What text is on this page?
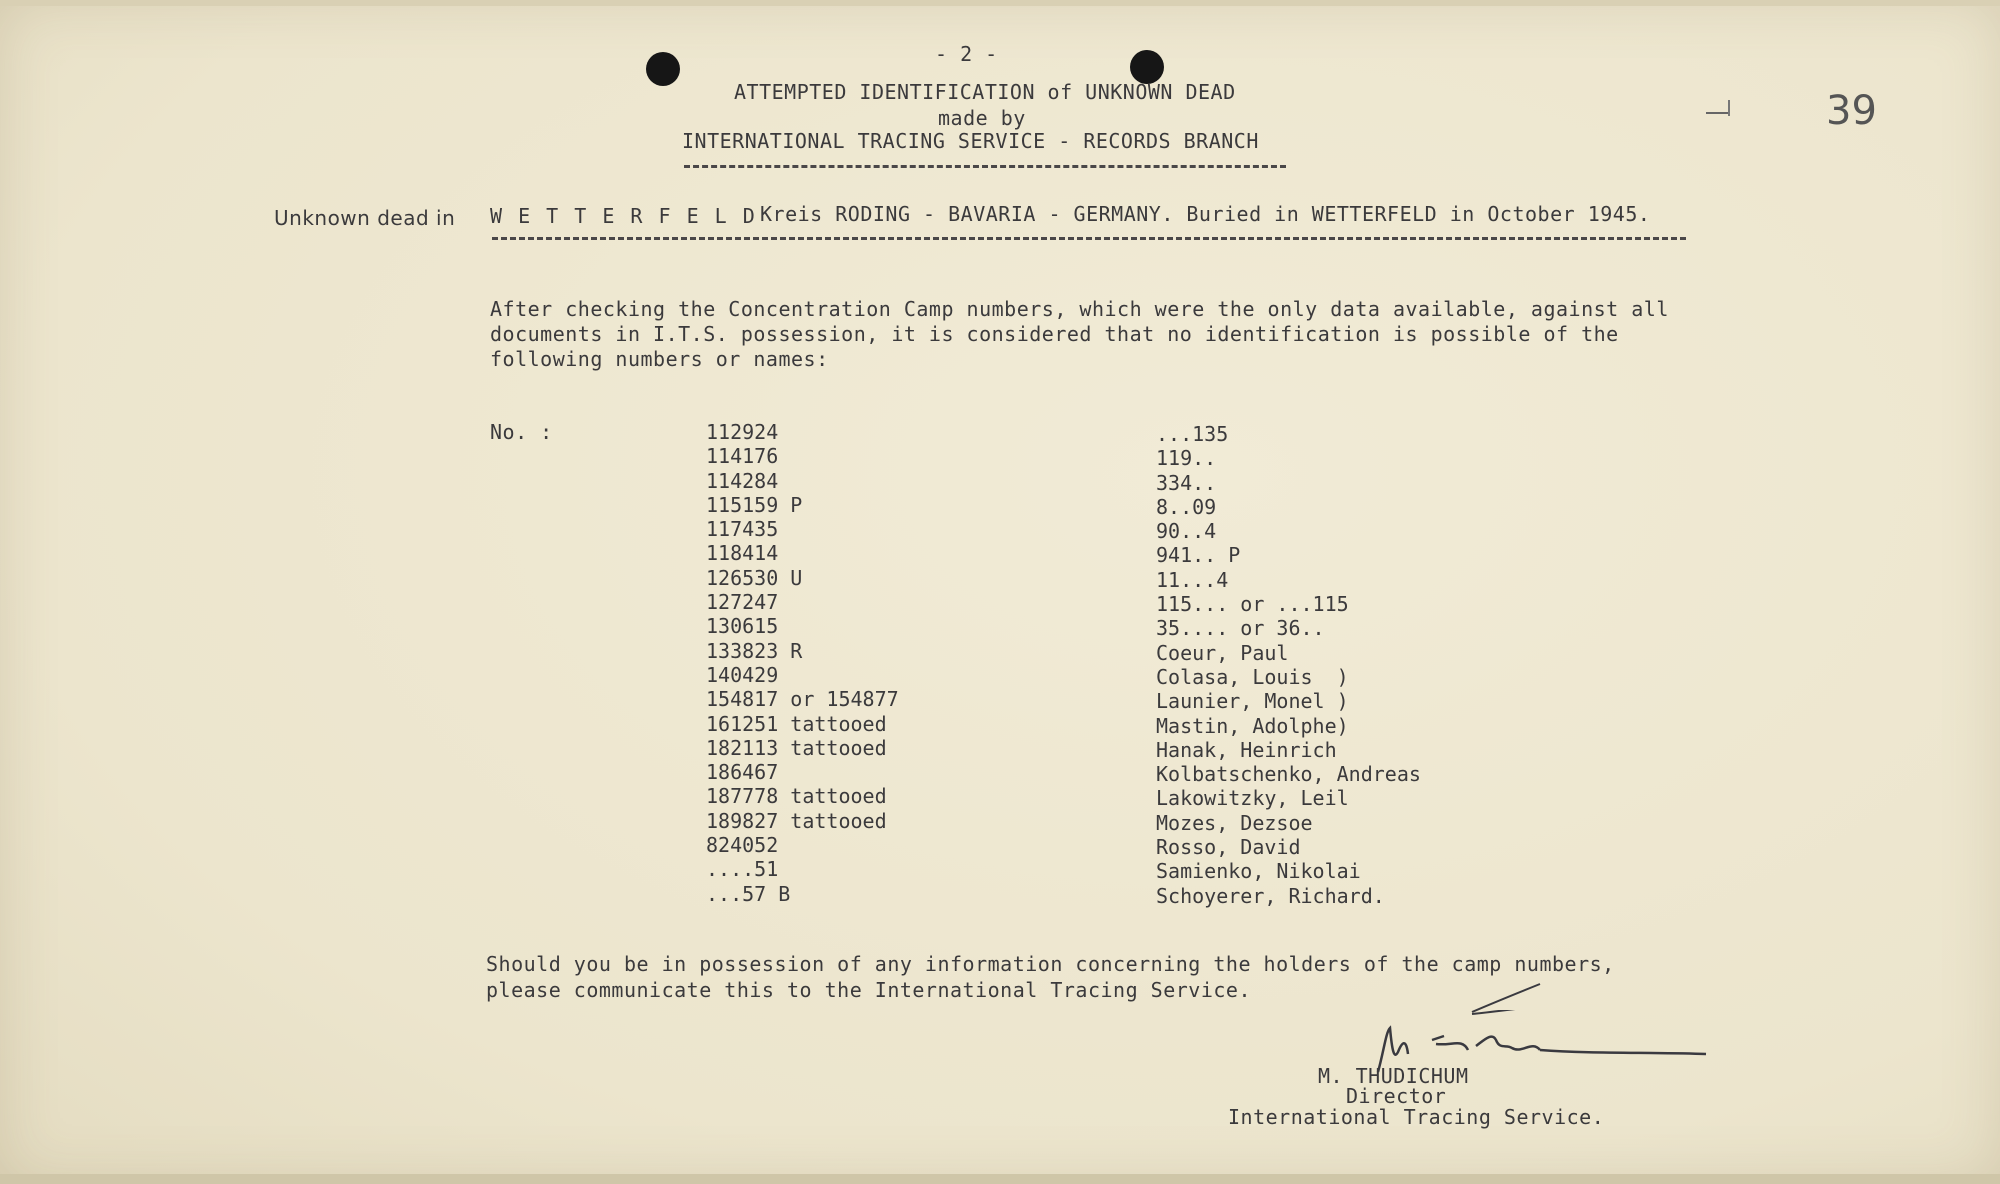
- 2 -
ATTEMPTED IDENTIFICATION of UNKNOWN DEAD
made by
INTERNATIONAL TRACING SERVICE - RECORDS BRANCH
39
Unknown dead in W E T T E R F E L D Kreis RODING - BAVARIA - GERMANY. Buried in WETTERFELD in October 1945.
After checking the Concentration Camp numbers, which were the only data available, against all
documents in I.T.S. possession, it is considered that no identification is possible of the
following numbers or names:
No. :	112924
114176
114284
115159 P
117435
118414
126530 U
127247
130615
133823 R
140429
154817 or 154877
161251 tattooed
182113 tattooed
186467
187778 tattooed
189827 tattooed
824052
....51
...57 B
...135
119..
334..
8..09
90..4
941.. P
11...4
115... or ...115
35.... or 36..
Coeur, Paul
Colasa, Louis  )
Launier, Monel )
Mastin, Adolphe)
Hanak, Heinrich
Kolbatschenko, Andreas
Lakowitzky, Leil
Mozes, Dezsoe
Rosso, David
Samienko, Nikolai
Schoyerer, Richard.
Should you be in possession of any information concerning the holders of the camp numbers,
please communicate this to the International Tracing Service.
M. THUDICHUM
Director
International Tracing Service.
